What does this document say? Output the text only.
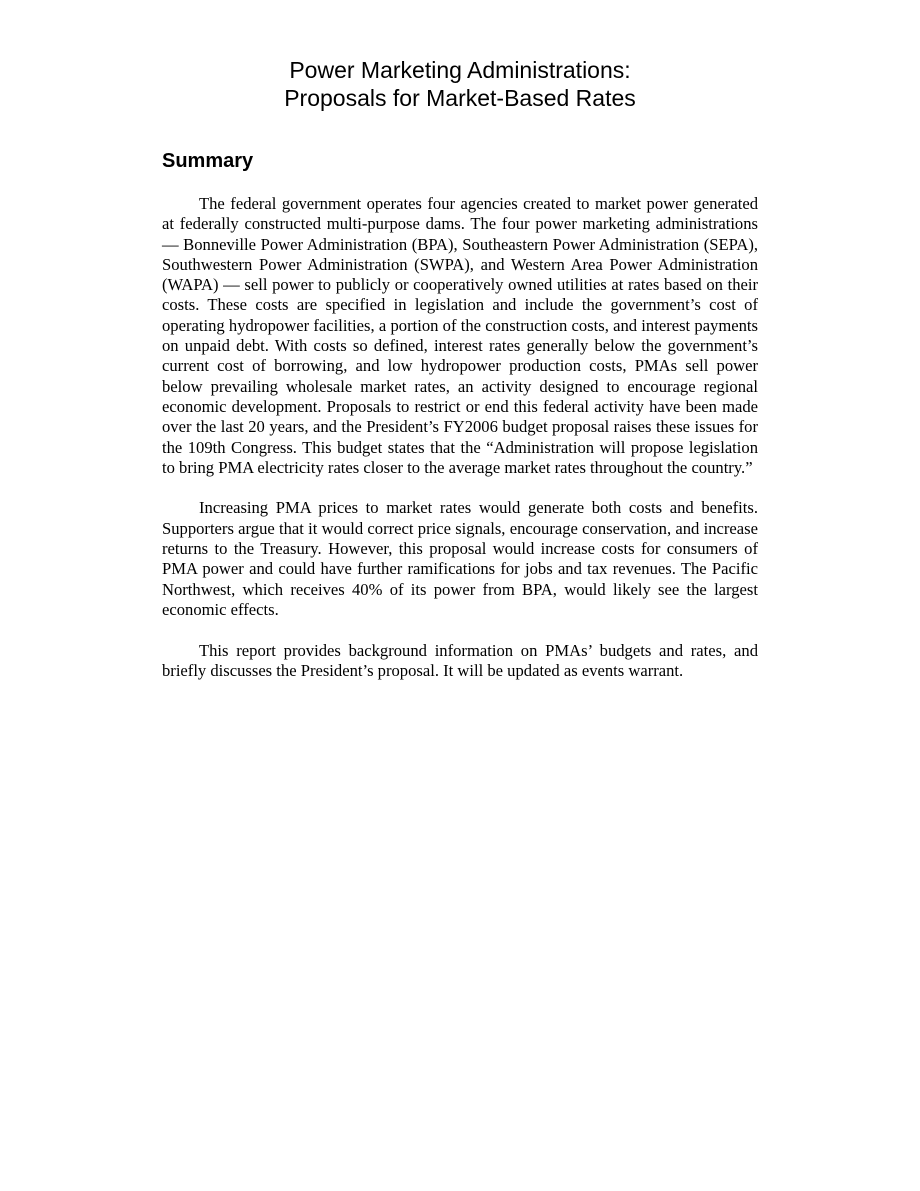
Power Marketing Administrations:
Proposals for Market-Based Rates
Summary

The federal government operates four agencies created to market power generated at federally constructed multi-purpose dams. The four power marketing administrations — Bonneville Power Administration (BPA), Southeastern Power Administration (SEPA), Southwestern Power Administration (SWPA), and Western Area Power Administration (WAPA) — sell power to publicly or cooperatively owned utilities at rates based on their costs. These costs are specified in legislation and include the government’s cost of operating hydropower facilities, a portion of the construction costs, and interest payments on unpaid debt. With costs so defined, interest rates generally below the government’s current cost of borrowing, and low hydropower production costs, PMAs sell power below prevailing wholesale market rates, an activity designed to encourage regional economic development. Proposals to restrict or end this federal activity have been made over the last 20 years, and the President’s FY2006 budget proposal raises these issues for the 109th Congress. This budget states that the “Administration will propose legislation to bring PMA electricity rates closer to the average market rates throughout the country.”

Increasing PMA prices to market rates would generate both costs and benefits. Supporters argue that it would correct price signals, encourage conservation, and increase returns to the Treasury. However, this proposal would increase costs for consumers of PMA power and could have further ramifications for jobs and tax revenues. The Pacific Northwest, which receives 40% of its power from BPA, would likely see the largest economic effects.

This report provides background information on PMAs’ budgets and rates, and briefly discusses the President’s proposal. It will be updated as events warrant.
